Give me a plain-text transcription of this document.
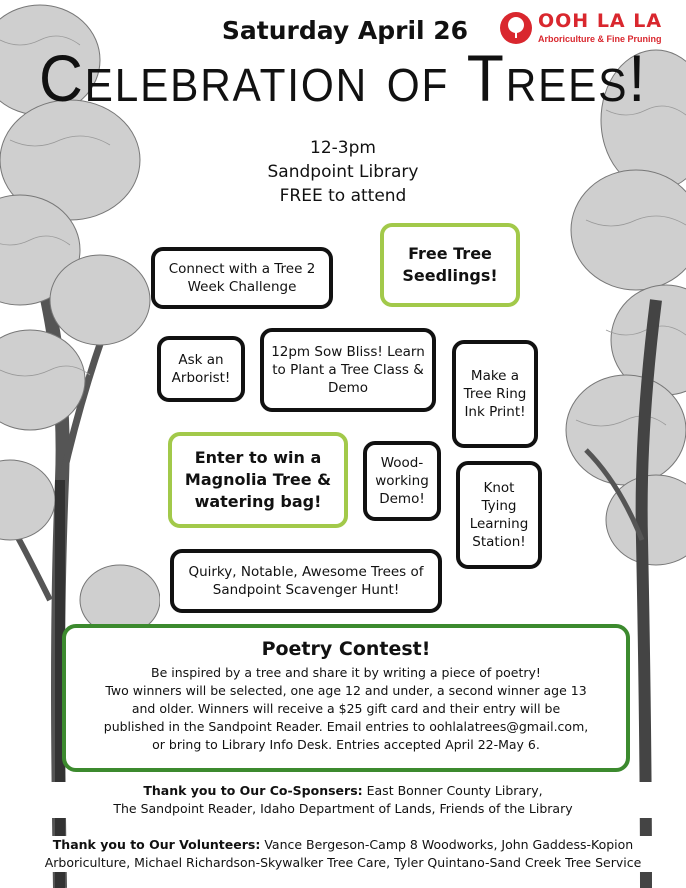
Saturday April 26	OOH LA LA
Arboriculture & Fine Pruning
Celebration of Trees!
12-3pm
Sandpoint Library
FREE to attend
Connect with a Tree 2 Week Challenge
Free Tree Seedlings!
Ask an Arborist!
12pm Sow Bliss! Learn to Plant a Tree Class & Demo
Make a Tree Ring Ink Print!
Enter to win a Magnolia Tree & watering bag!
Wood-working Demo!
Knot Tying Learning Station!
Quirky, Notable, Awesome Trees of Sandpoint Scavenger Hunt!
Poetry Contest!
Be inspired by a tree and share it by writing a piece of poetry!
Two winners will be selected, one age 12 and under, a second winner age 13
and older. Winners will receive a $25 gift card and their entry will be
published in the Sandpoint Reader. Email entries to oohlalatrees@gmail.com,
or bring to Library Info Desk. Entries accepted April 22-May 6.
Thank you to Our Co-Sponsers: East Bonner County Library,
The Sandpoint Reader, Idaho Department of Lands, Friends of the Library
Thank you to Our Volunteers: Vance Bergeson-Camp 8 Woodworks, John Gaddess-Kopion
Arboriculture, Michael Richardson-Skywalker Tree Care, Tyler Quintano-Sand Creek Tree Service
